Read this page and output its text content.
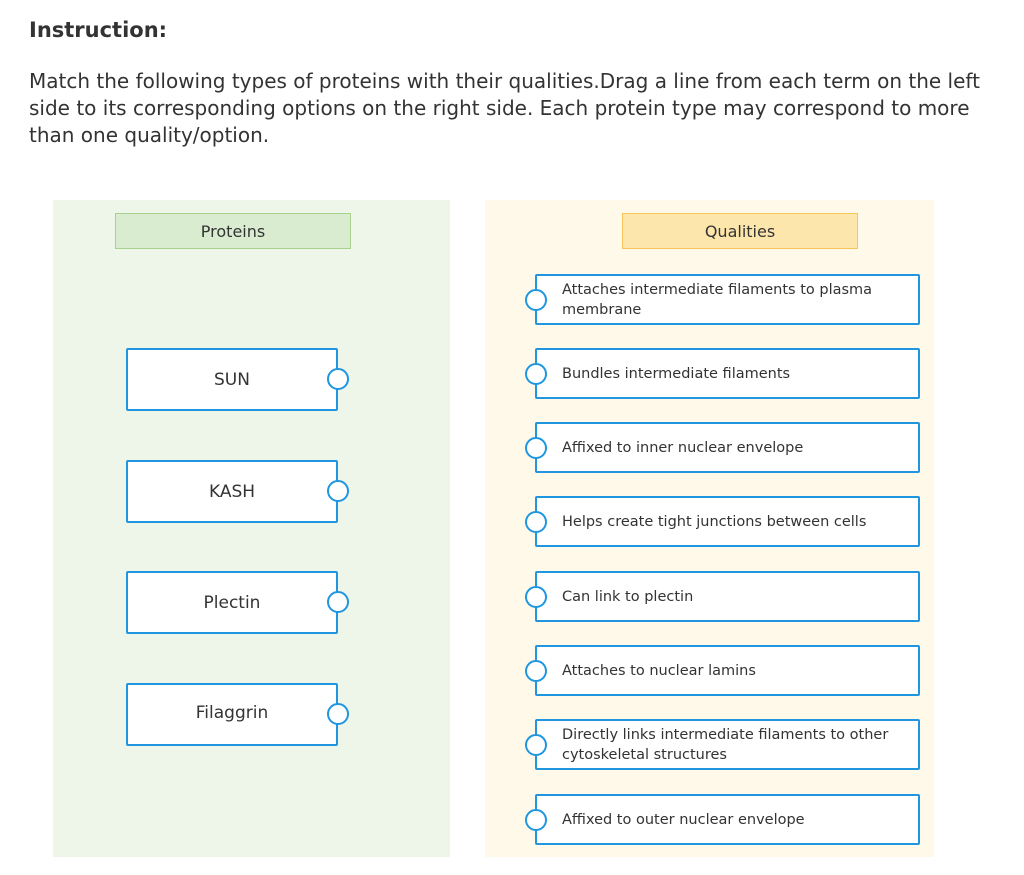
Instruction:
Match the following types of proteins with their qualities.Drag a line from each term on the left side to its corresponding options on the right side. Each protein type may correspond to more than one quality/option.
Proteins	Qualities
SUN
KASH
Plectin
Filaggrin
Attaches intermediate filaments to plasma membrane
Bundles intermediate filaments
Affixed to inner nuclear envelope
Helps create tight junctions between cells
Can link to plectin
Attaches to nuclear lamins
Directly links intermediate filaments to other cytoskeletal structures
Affixed to outer nuclear envelope
